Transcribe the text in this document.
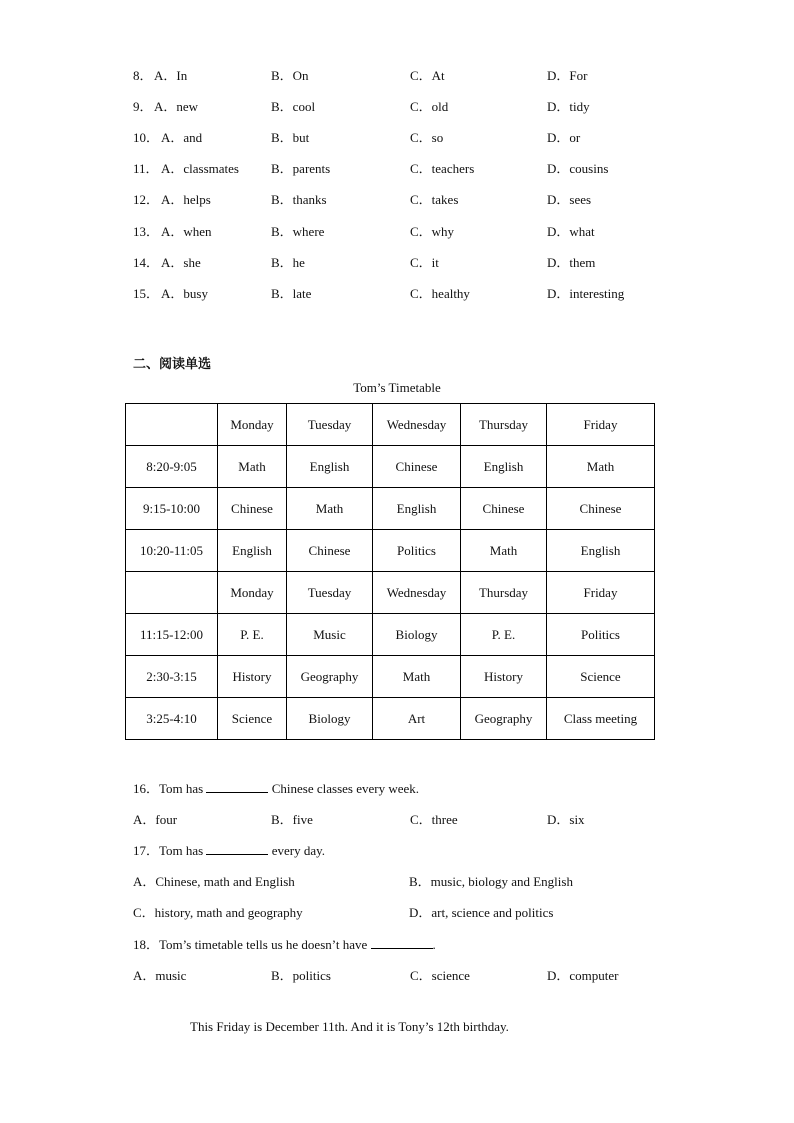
8． A．In	B．On	C．At	D．For
9． A．new	B．cool	C．old	D．tidy
10． A．and	B．but	C．so	D．or
11． A．classmates B．parents	C．teachers	D．cousins
12． A．helps	B．thanks	C．takes	D．sees
13． A．when	B．where	C．why	D．what
14． A．she	B．he	C．it	D．them
15． A．busy	B．late	C．healthy	D．interesting
二、阅读单选
Tom’s Timetable
	Monday	Tuesday	Wednesday	Thursday	Friday
8:20-9:05	Math	English	Chinese	English	Math
9:15-10:00	Chinese	Math	English	Chinese	Chinese
10:20-11:05	English	Chinese	Politics	Math	English
	Monday	Tuesday	Wednesday	Thursday	Friday
11:15-12:00	P. E.	Music	Biology	P. E.	Politics
2:30-3:15	History	Geography	Math	History	Science
3:25-4:10	Science	Biology	Art	Geography	Class meeting
16．Tom has	Chinese classes every week.
A．four	B．five	C．three	D．six
17．Tom has	every day.
A．Chinese, math and English	B．music, biology and English
C．history, math and geography	D．art, science and politics
18．Tom’s timetable tells us he doesn’t have	.
A．music	B．politics	C．science	D．computer
This Friday is December 11th. And it is Tony’s 12th birthday.
